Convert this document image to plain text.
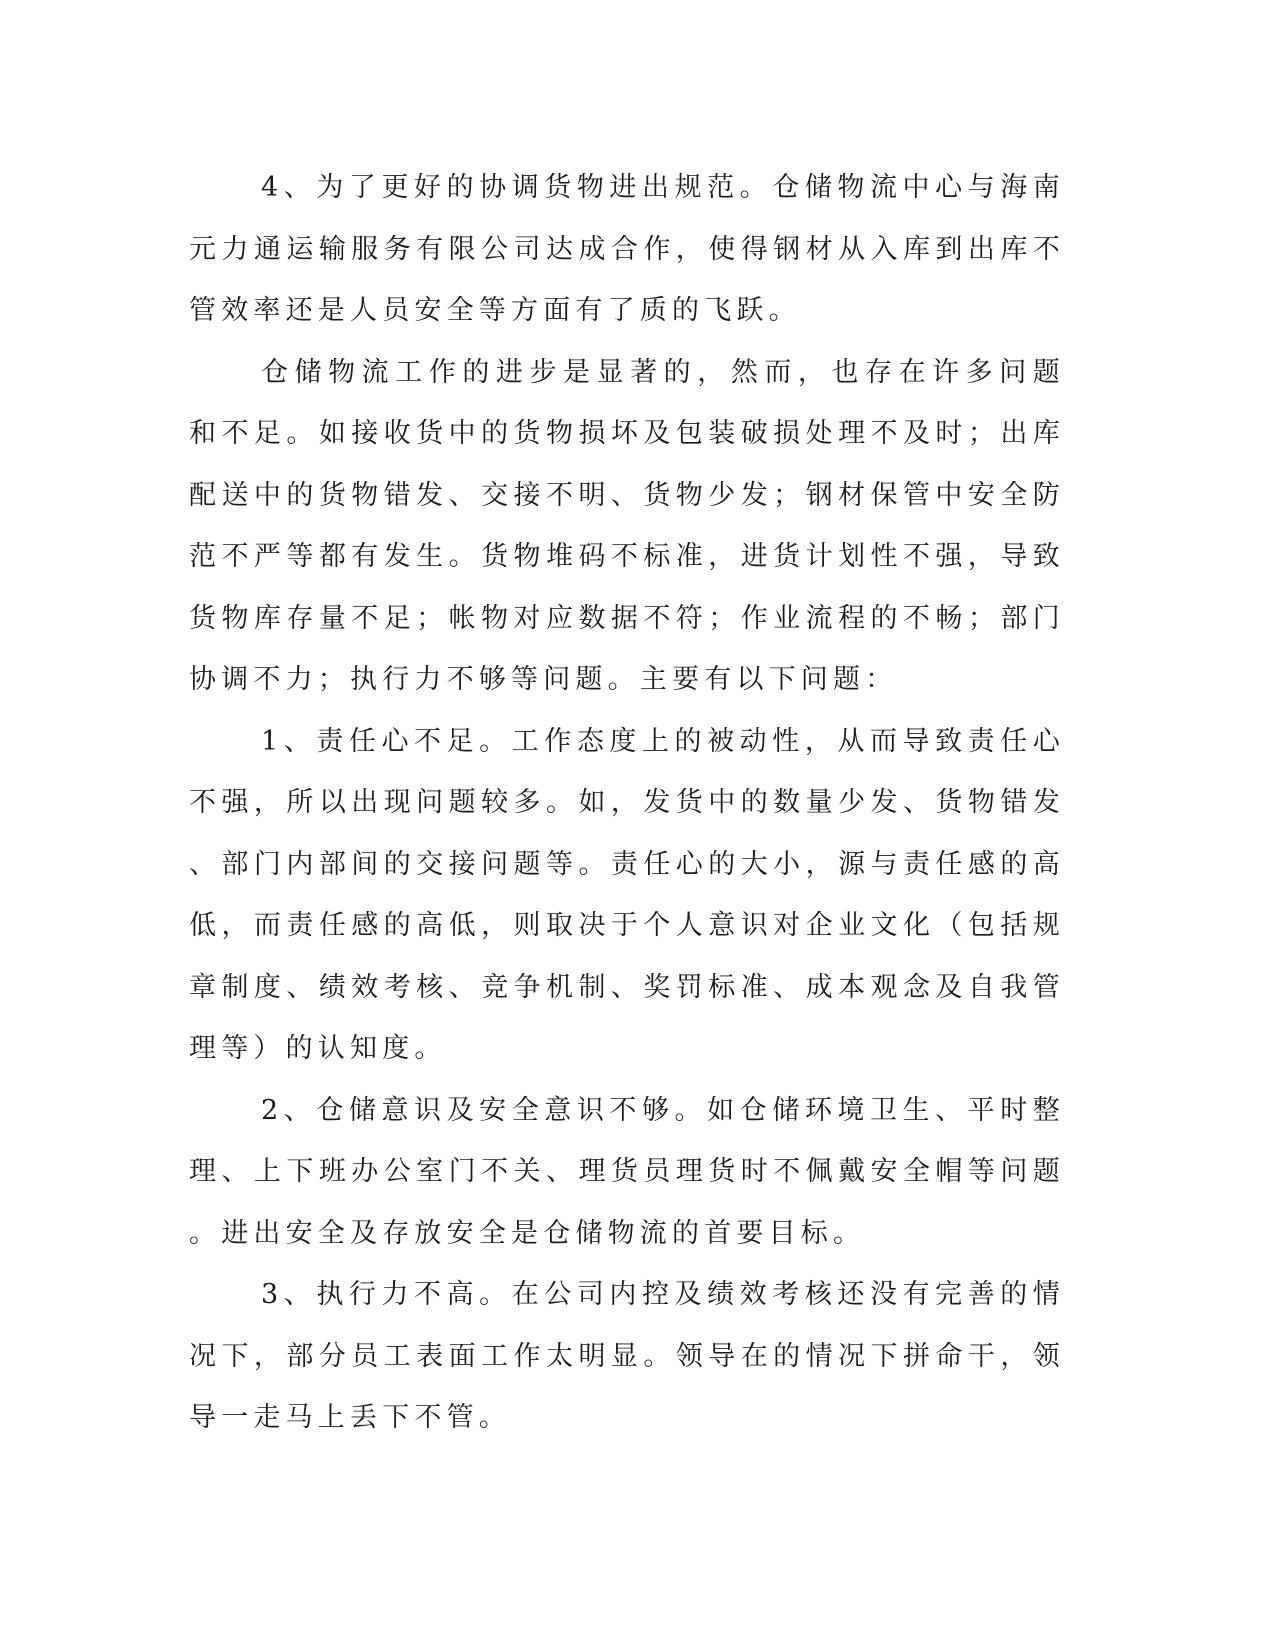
4、为了更好的协调货物进出规范。仓储物流中心与海南元力通运输服务有限公司达成合作，使得钢材从入库到出库不管效率还是人员安全等方面有了质的飞跃。

仓储物流工作的进步是显著的，然而，也存在许多问题和不足。如接收货中的货物损坏及包装破损处理不及时；出库配送中的货物错发、交接不明、货物少发；钢材保管中安全防范不严等都有发生。货物堆码不标准，进货计划性不强，导致货物库存量不足；帐物对应数据不符；作业流程的不畅；部门协调不力；执行力不够等问题。主要有以下问题：

1、责任心不足。工作态度上的被动性，从而导致责任心不强，所以出现问题较多。如，发货中的数量少发、货物错发、部门内部间的交接问题等。责任心的大小，源与责任感的高低，而责任感的高低，则取决于个人意识对企业文化（包括规章制度、绩效考核、竞争机制、奖罚标准、成本观念及自我管理等）的认知度。

2、仓储意识及安全意识不够。如仓储环境卫生、平时整理、上下班办公室门不关、理货员理货时不佩戴安全帽等问题。进出安全及存放安全是仓储物流的首要目标。

3、执行力不高。在公司内控及绩效考核还没有完善的情况下，部分员工表面工作太明显。领导在的情况下拼命干，领导一走马上丢下不管。
